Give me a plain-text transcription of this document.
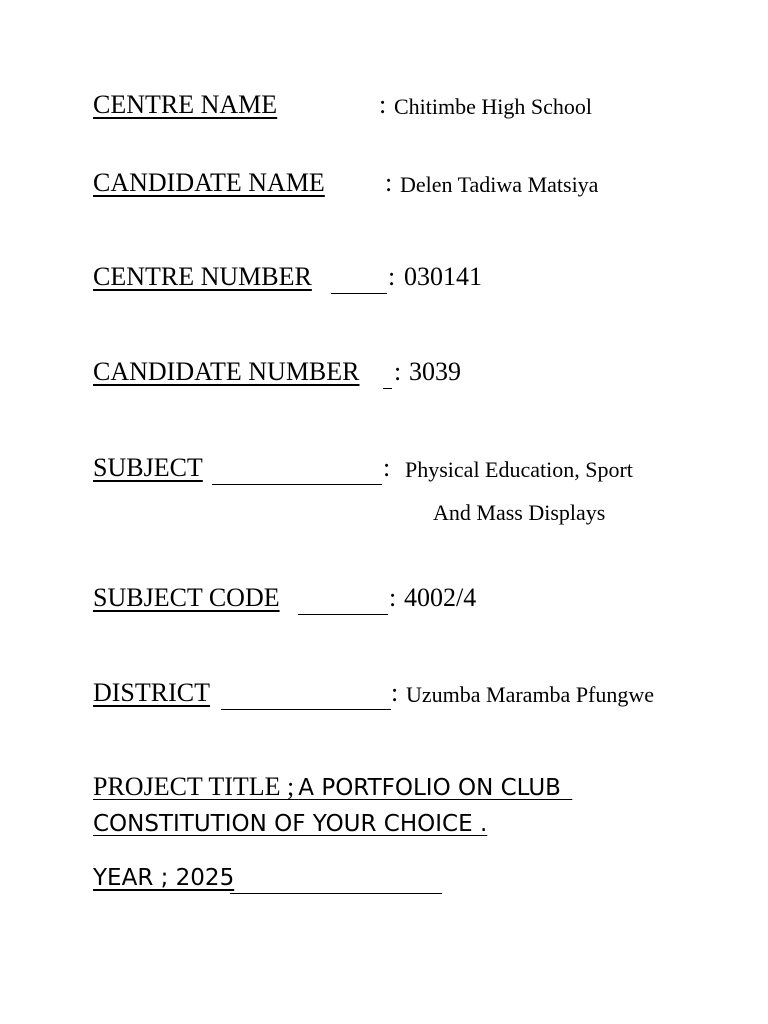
CENTRE NAME	: Chitimbe High School
CANDIDATE NAME : Delen Tadiwa Matsiya
CENTRE NUMBER	: 030141
CANDIDATE NUMBER : 3039
SUBJECT	: Physical Education, Sport
And Mass Displays
SUBJECT CODE	: 4002/4
DISTRICT	: Uzumba Maramba Pfungwe
PROJECT TITLE ; A PORTFOLIO ON CLUB
CONSTITUTION OF YOUR CHOICE .
YEAR ; 2025
